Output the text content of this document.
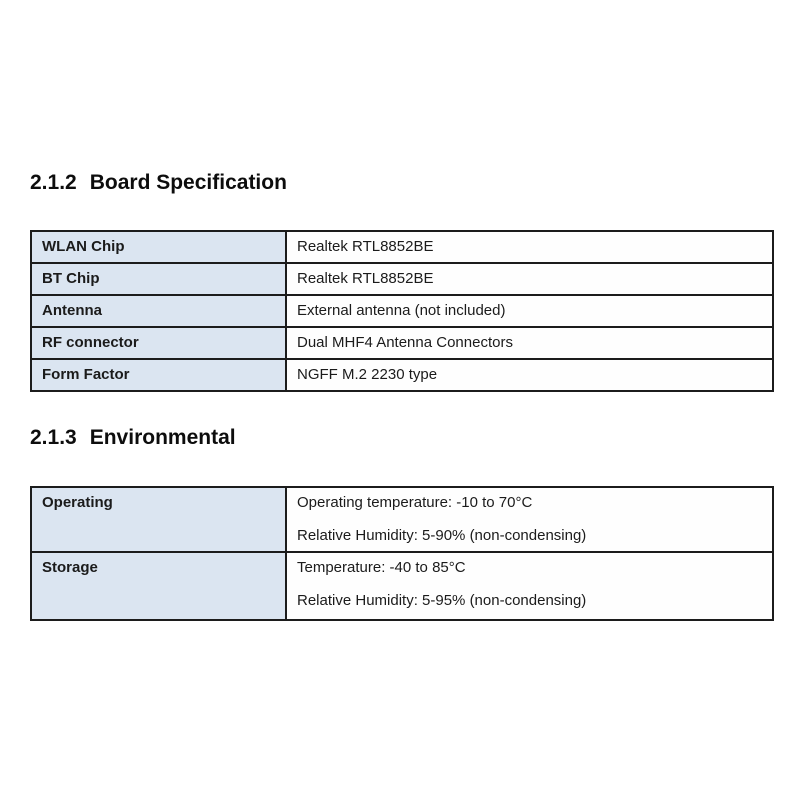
2.1.2 Board Specification
WLAN Chip	Realtek RTL8852BE
BT Chip	Realtek RTL8852BE
Antenna	External antenna (not included)
RF connector	Dual MHF4 Antenna Connectors
Form Factor	NGFF M.2 2230 type
2.1.3 Environmental
Operating	Operating temperature: -10 to 70°C

Relative Humidity: 5-90% (non-condensing)

Storage	Temperature: -40 to 85°C

Relative Humidity: 5-95% (non-condensing)
